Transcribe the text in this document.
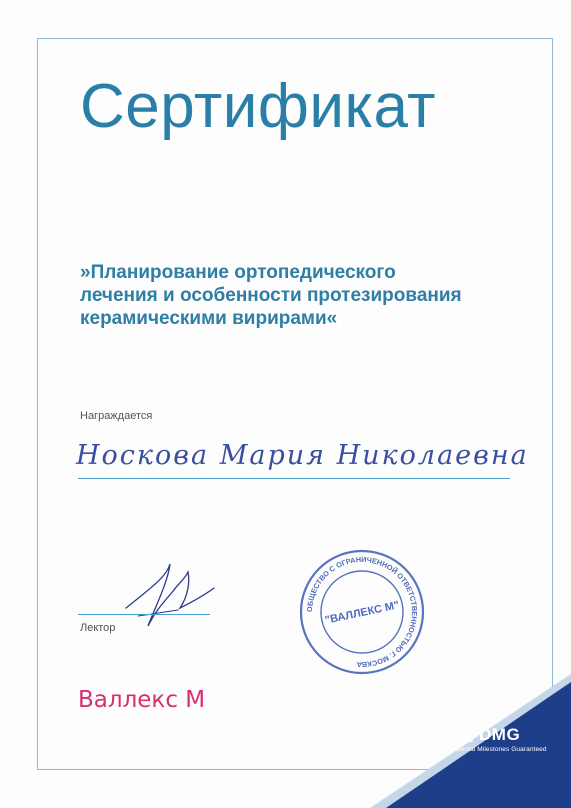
Сертификат

»Планирование ортопедического
лечения и особенности протезирования
керамическими вирирами«

Награждается

Носкова Мария Николаевна

Лектор

ОБЩЕСТВО С ОГРАНИЧЕННОЙ ОТВЕТСТВЕННОСТЬЮ Г. МОСКВА
"ВАЛЛЕКС М"
Валлекс М
DMG
Dental Milestones Guaranteed
